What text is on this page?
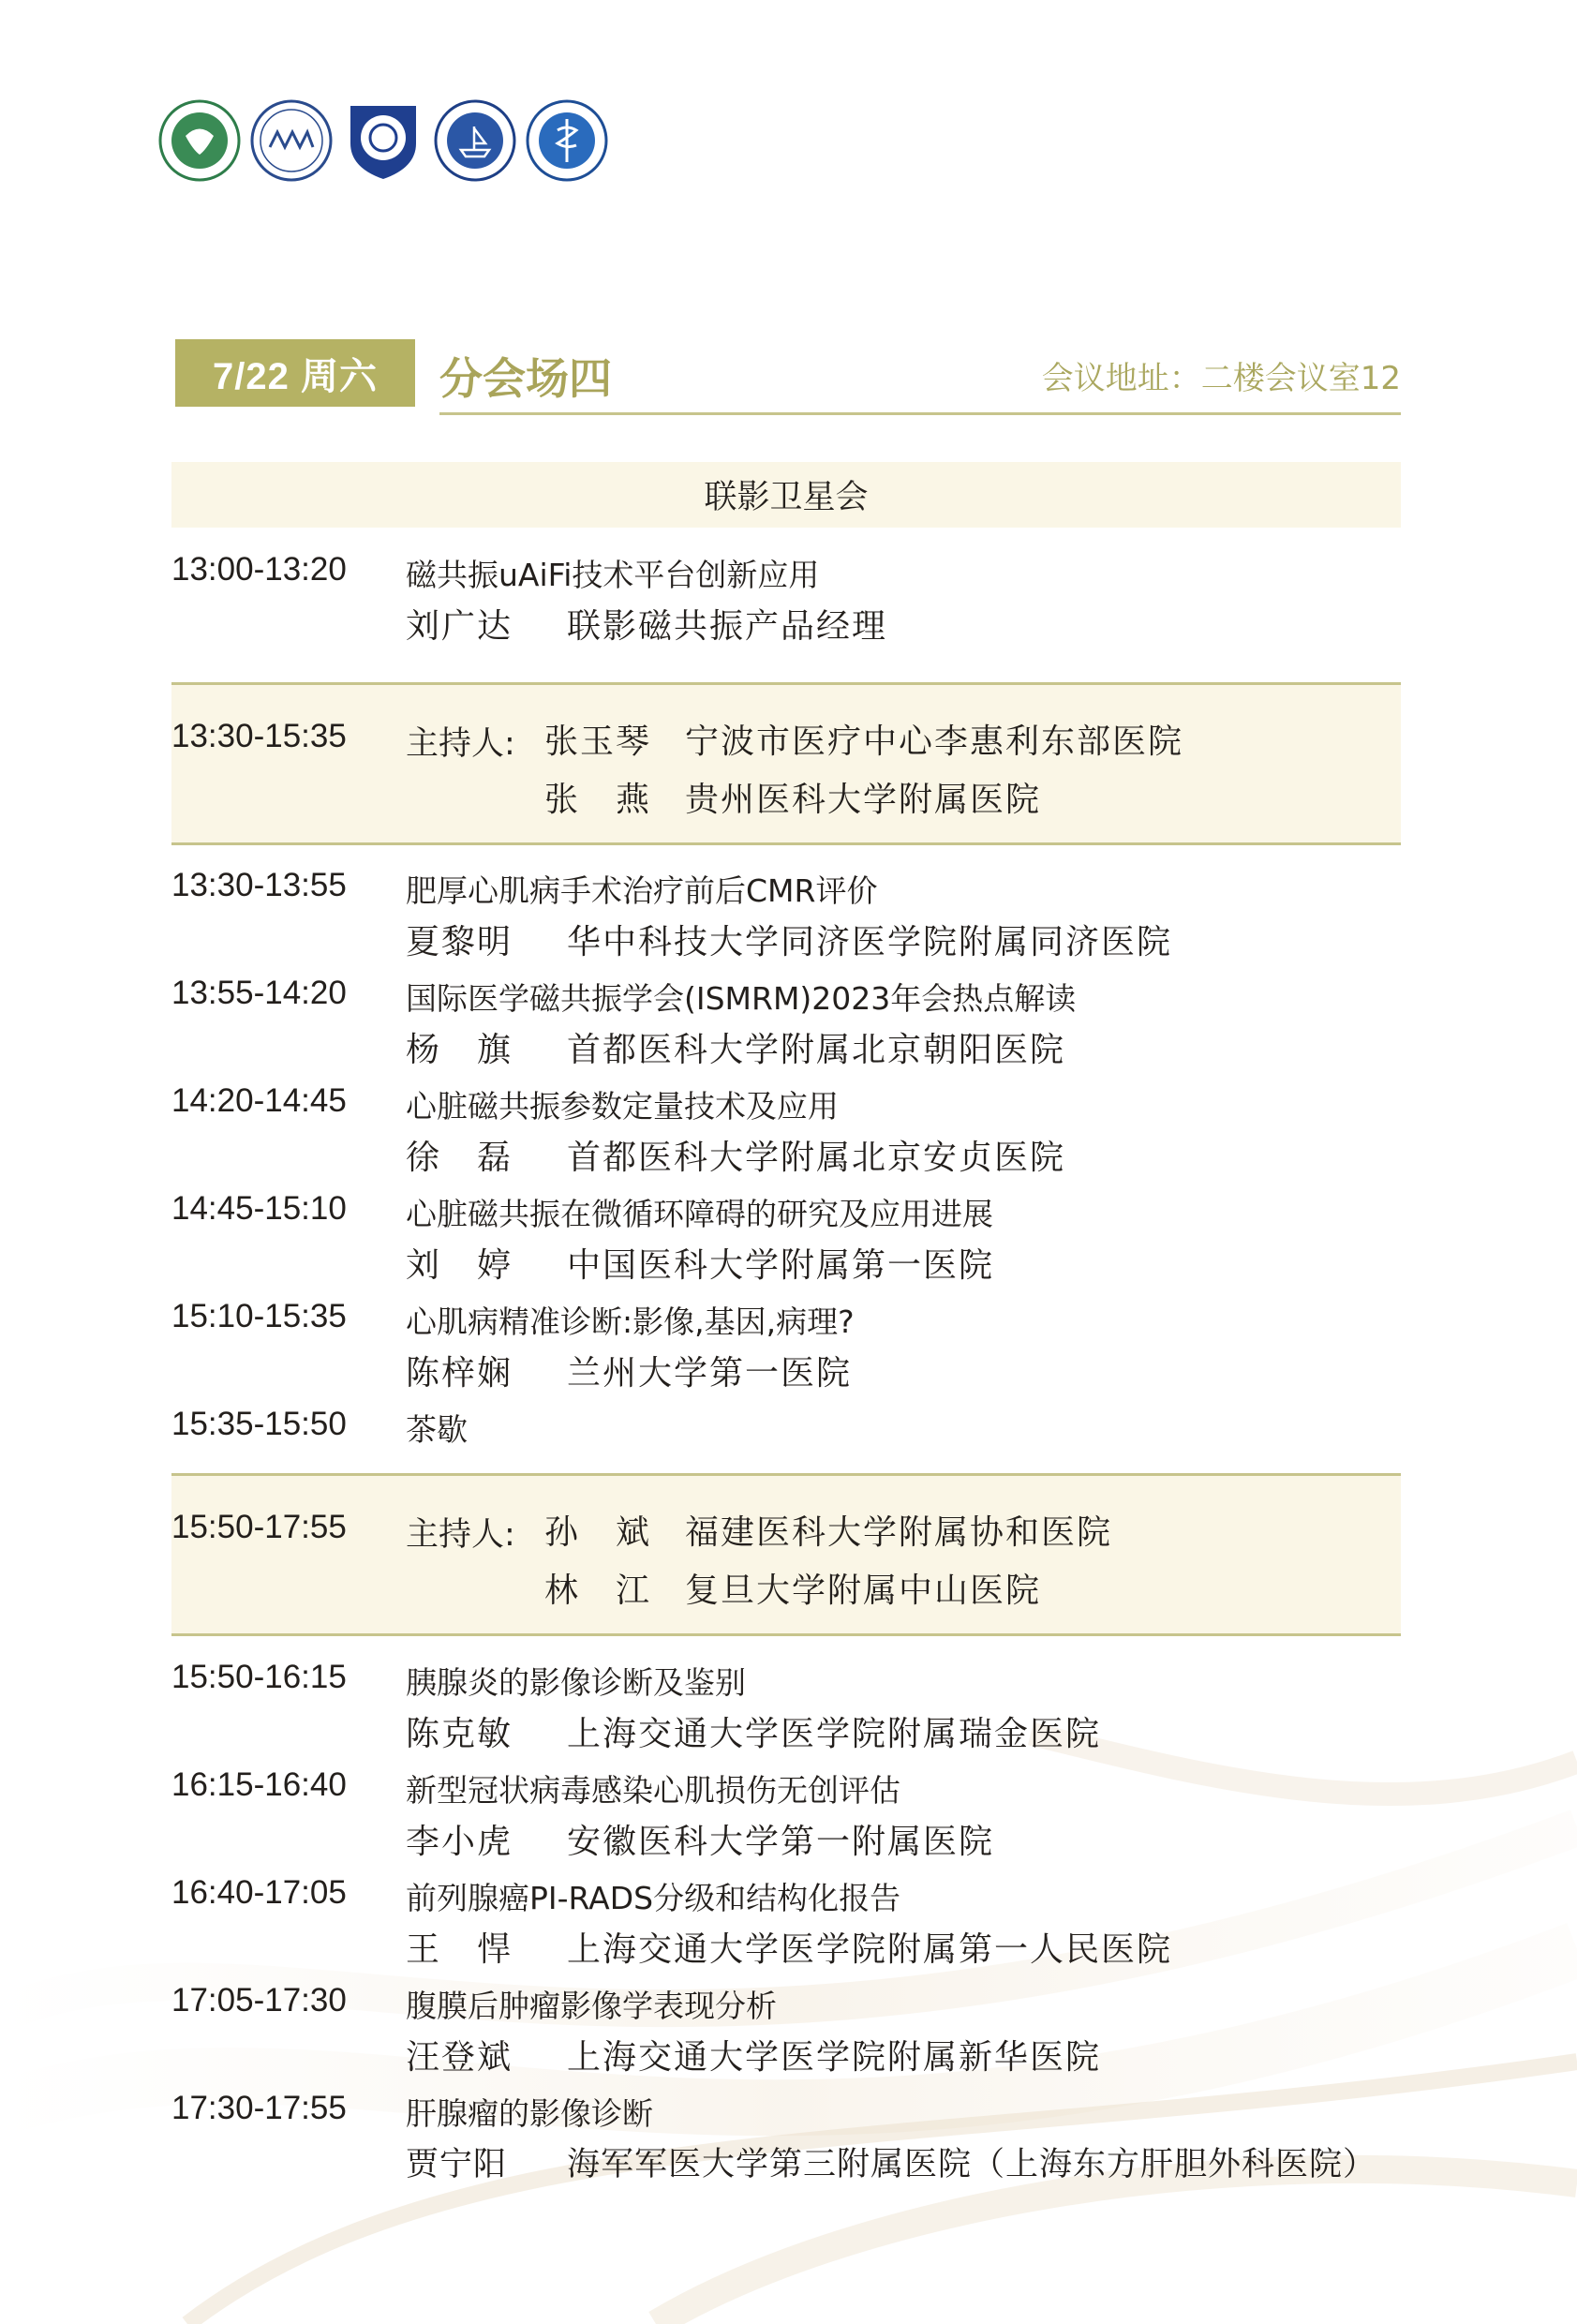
7/22 周六	分会场四	会议地址：二楼会议室12
联影卫星会
13:00-13:20 磁共振uAiFi技术平台创新应用
刘广达 联影磁共振产品经理
13:30-15:35 主持人: 张玉琴 宁波市医疗中心李惠利东部医院
张　燕 贵州医科大学附属医院
13:30-13:55 肥厚心肌病手术治疗前后CMR评价
夏黎明 华中科技大学同济医学院附属同济医院
13:55-14:20 国际医学磁共振学会(ISMRM)2023年会热点解读
杨　旗 首都医科大学附属北京朝阳医院
14:20-14:45 心脏磁共振参数定量技术及应用
徐　磊 首都医科大学附属北京安贞医院
14:45-15:10 心脏磁共振在微循环障碍的研究及应用进展
刘　婷 中国医科大学附属第一医院
15:10-15:35 心肌病精准诊断:影像,基因,病理?
陈梓娴 兰州大学第一医院
15:35-15:50 茶歇
15:50-17:55 主持人: 孙　斌 福建医科大学附属协和医院
林　江 复旦大学附属中山医院
15:50-16:15 胰腺炎的影像诊断及鉴别
陈克敏 上海交通大学医学院附属瑞金医院
16:15-16:40 新型冠状病毒感染心肌损伤无创评估
李小虎 安徽医科大学第一附属医院
16:40-17:05 前列腺癌PI-RADS分级和结构化报告
王　悍 上海交通大学医学院附属第一人民医院
17:05-17:30 腹膜后肿瘤影像学表现分析
汪登斌 上海交通大学医学院附属新华医院
17:30-17:55 肝腺瘤的影像诊断
贾宁阳 海军军医大学第三附属医院（上海东方肝胆外科医院）
